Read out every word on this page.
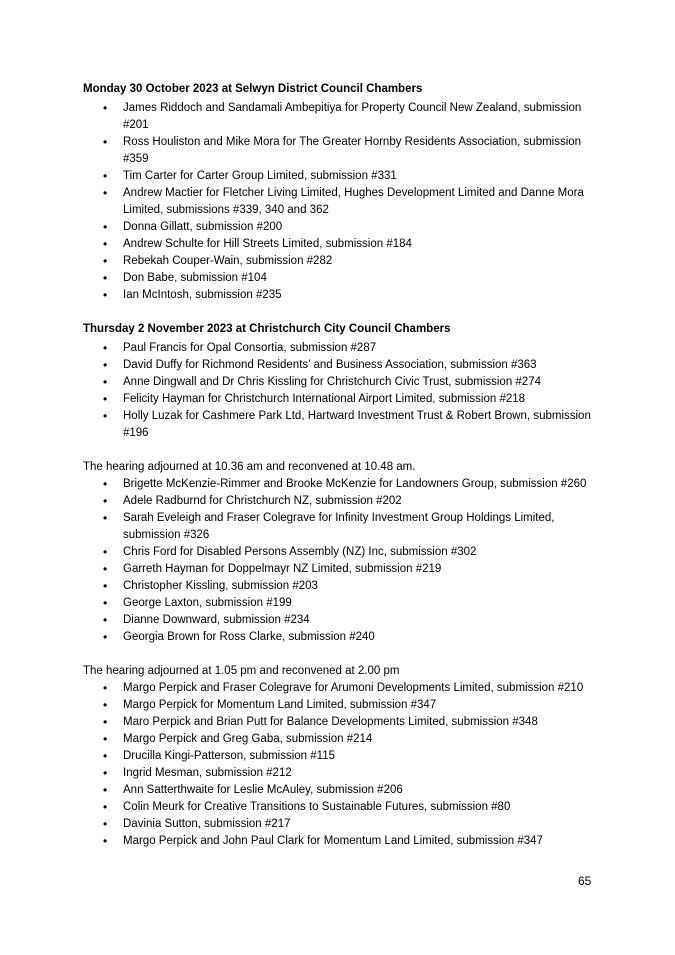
Monday 30 October 2023 at Selwyn District Council Chambers
• James Riddoch and Sandamali Ambepitiya for Property Council New Zealand, submission #201
• Ross Houliston and Mike Mora for The Greater Hornby Residents Association, submission #359
• Tim Carter for Carter Group Limited, submission #331
• Andrew Mactier for Fletcher Living Limited, Hughes Development Limited and Danne Mora Limited, submissions #339, 340 and 362
• Donna Gillatt, submission #200
• Andrew Schulte for Hill Streets Limited, submission #184
• Rebekah Couper-Wain, submission #282
• Don Babe, submission #104
• Ian McIntosh, submission #235
Thursday 2 November 2023 at Christchurch City Council Chambers
• Paul Francis for Opal Consortia, submission #287
• David Duffy for Richmond Residents’ and Business Association, submission #363
• Anne Dingwall and Dr Chris Kissling for Christchurch Civic Trust, submission #274
• Felicity Hayman for Christchurch International Airport Limited, submission #218
• Holly Luzak for Cashmere Park Ltd, Hartward Investment Trust & Robert Brown, submission #196

The hearing adjourned at 10.36 am and reconvened at 10.48 am.

• Brigette McKenzie-Rimmer and Brooke McKenzie for Landowners Group, submission #260
• Adele Radburnd for Christchurch NZ, submission #202
• Sarah Eveleigh and Fraser Colegrave for Infinity Investment Group Holdings Limited, submission #326
• Chris Ford for Disabled Persons Assembly (NZ) Inc, submission #302
• Garreth Hayman for Doppelmayr NZ Limited, submission #219
• Christopher Kissling, submission #203
• George Laxton, submission #199
• Dianne Downward, submission #234
• Georgia Brown for Ross Clarke, submission #240

The hearing adjourned at 1.05 pm and reconvened at 2.00 pm

• Margo Perpick and Fraser Colegrave for Arumoni Developments Limited, submission #210
• Margo Perpick for Momentum Land Limited, submission #347
• Maro Perpick and Brian Putt for Balance Developments Limited, submission #348
• Margo Perpick and Greg Gaba, submission #214
• Drucilla Kingi-Patterson, submission #115
• Ingrid Mesman, submission #212
• Ann Satterthwaite for Leslie McAuley, submission #206
• Colin Meurk for Creative Transitions to Sustainable Futures, submission #80
• Davinia Sutton, submission #217
• Margo Perpick and John Paul Clark for Momentum Land Limited, submission #347
65
